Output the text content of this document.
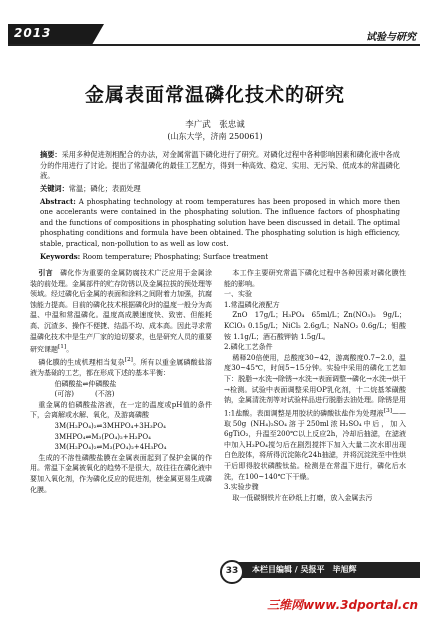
2013	试验与研究
金属表面常温磷化技术的研究
李广武　张忠诚
(山东大学，济南 250061)
摘要：采用多种促进剂相配合的办法，对金属常温下磷化进行了研究。对磷化过程中各种影响因素和磷化液中各成分的作用进行了讨论。提出了常温磷化的最佳工艺配方，得到一种高效、稳定、实用、无污染、低成本的常温磷化液。
关键词：常温；磷化；表面处理
Abstract: A phosphating technology at room temperatures has been proposed in which more then one accelerants were contained in the phosphating solution. The influence factors of phosphating and the functions of compositions in phosphating solution have been discussed in detail. The optimal phosphating conditions and formula have been obtained. The phosphating solution is high efficiency, stable, practical, non-pollution to as well as low cost.
Keywords: Room temperature; Phosphating; Surface treatment

引言　 磷化作为重要的金属防腐技术广泛应用于金属涂装的前处理。金属部件的贮存防锈以及金属拉拔的预处理等领域。经过磷化后金属的表面和涂料之间附着力加强，抗腐蚀能力提高。目前的磷化技术根据磷化时的温度一般分为高温、中温和常温磷化。温度高成膜速度快、致密、但能耗高、沉渣多、操作不便捷、结晶不均、成本高。因此寻求常温磷化技术中是生产厂家的迫切要求，也是研究人员的重要研究课题[1]。

磷化膜的生成机理相当复杂[2]。所有以重金属磷酸盐溶液为基础的工艺，都在形成下述的基本平衡：

伯磷酸盐⇌仲磷酸盐

(可溶)　　　(不溶)

重金属的伯磷酸盐溶液，在一定的温度或pH值的条件下，会离解或水解、氧化，及游离磷酸

3M(H₂PO₄)₂⇌3MHPO₄+3H₃PO₄

3MHPO₄⇌M₃(PO₄)₂+H₃PO₄

3M(H₂PO₄)₂⇌M₃(PO₄)₂+4H₃PO₄

生成的不溶性磷酸盐膜在金属表面起到了保护金属的作用。常温下金属被氧化的趋势不是很大，故往往在磷化液中要加入氧化剂，作为磷化反应的促进剂，使金属更易生成磷化膜。

本工作主要研究常温下磷化过程中各种因素对磷化膜性能的影响。

一、实验

1.常温磷化液配方

ZnO 17g/L；H₃PO₄ 65ml/L；Zn(NO₃)₂ 9g/L；KClO₃ 0.15g/L；NiCl₂ 2.6g/L；NaNO₂ 0.6g/L；钼酸铵 1.1g/L；酒石酸钾钠 1.5g/L。

2.磷化工艺条件

稀释20倍使用，总酸度30~42，游离酸度0.7~2.0，温度30~45℃，时间5~15分钟。实验中采用的磷化工艺如下：脱脂→水洗→除锈→水洗→表面调整→磷化→水洗→烘干→检测。试验中表面调整采用OP乳化剂，十二烷基苯磺酸钠，金属清洗剂等对试验样品进行脱脂去油处理。除锈是用1:1盐酸。表面调整是用胶状的磷酸钛盐作为处理液[3]——取50g (NH₄)₂SO₄溶于250ml浓H₂SO₄中后，加入6gTiO₂，升温至200℃以上反应2h，冷却后抽滤，在滤液中加入H₃PO₄搅匀后在剧烈搅拌下加入大量二次水即出现白色胶体，将所得沉淀陈化24h抽滤，并将沉淀洗至中性烘干后即得胶状磷酸钛盐。检测是在常温下进行，磷化后水洗，在100~140℃下干燥。

3.实验步骤

取一低碳钢铁片在砂纸上打磨，放入金属去污

33	本栏目编辑 / 吴报平　毕旭辉
三维网www.3dportal.cn
